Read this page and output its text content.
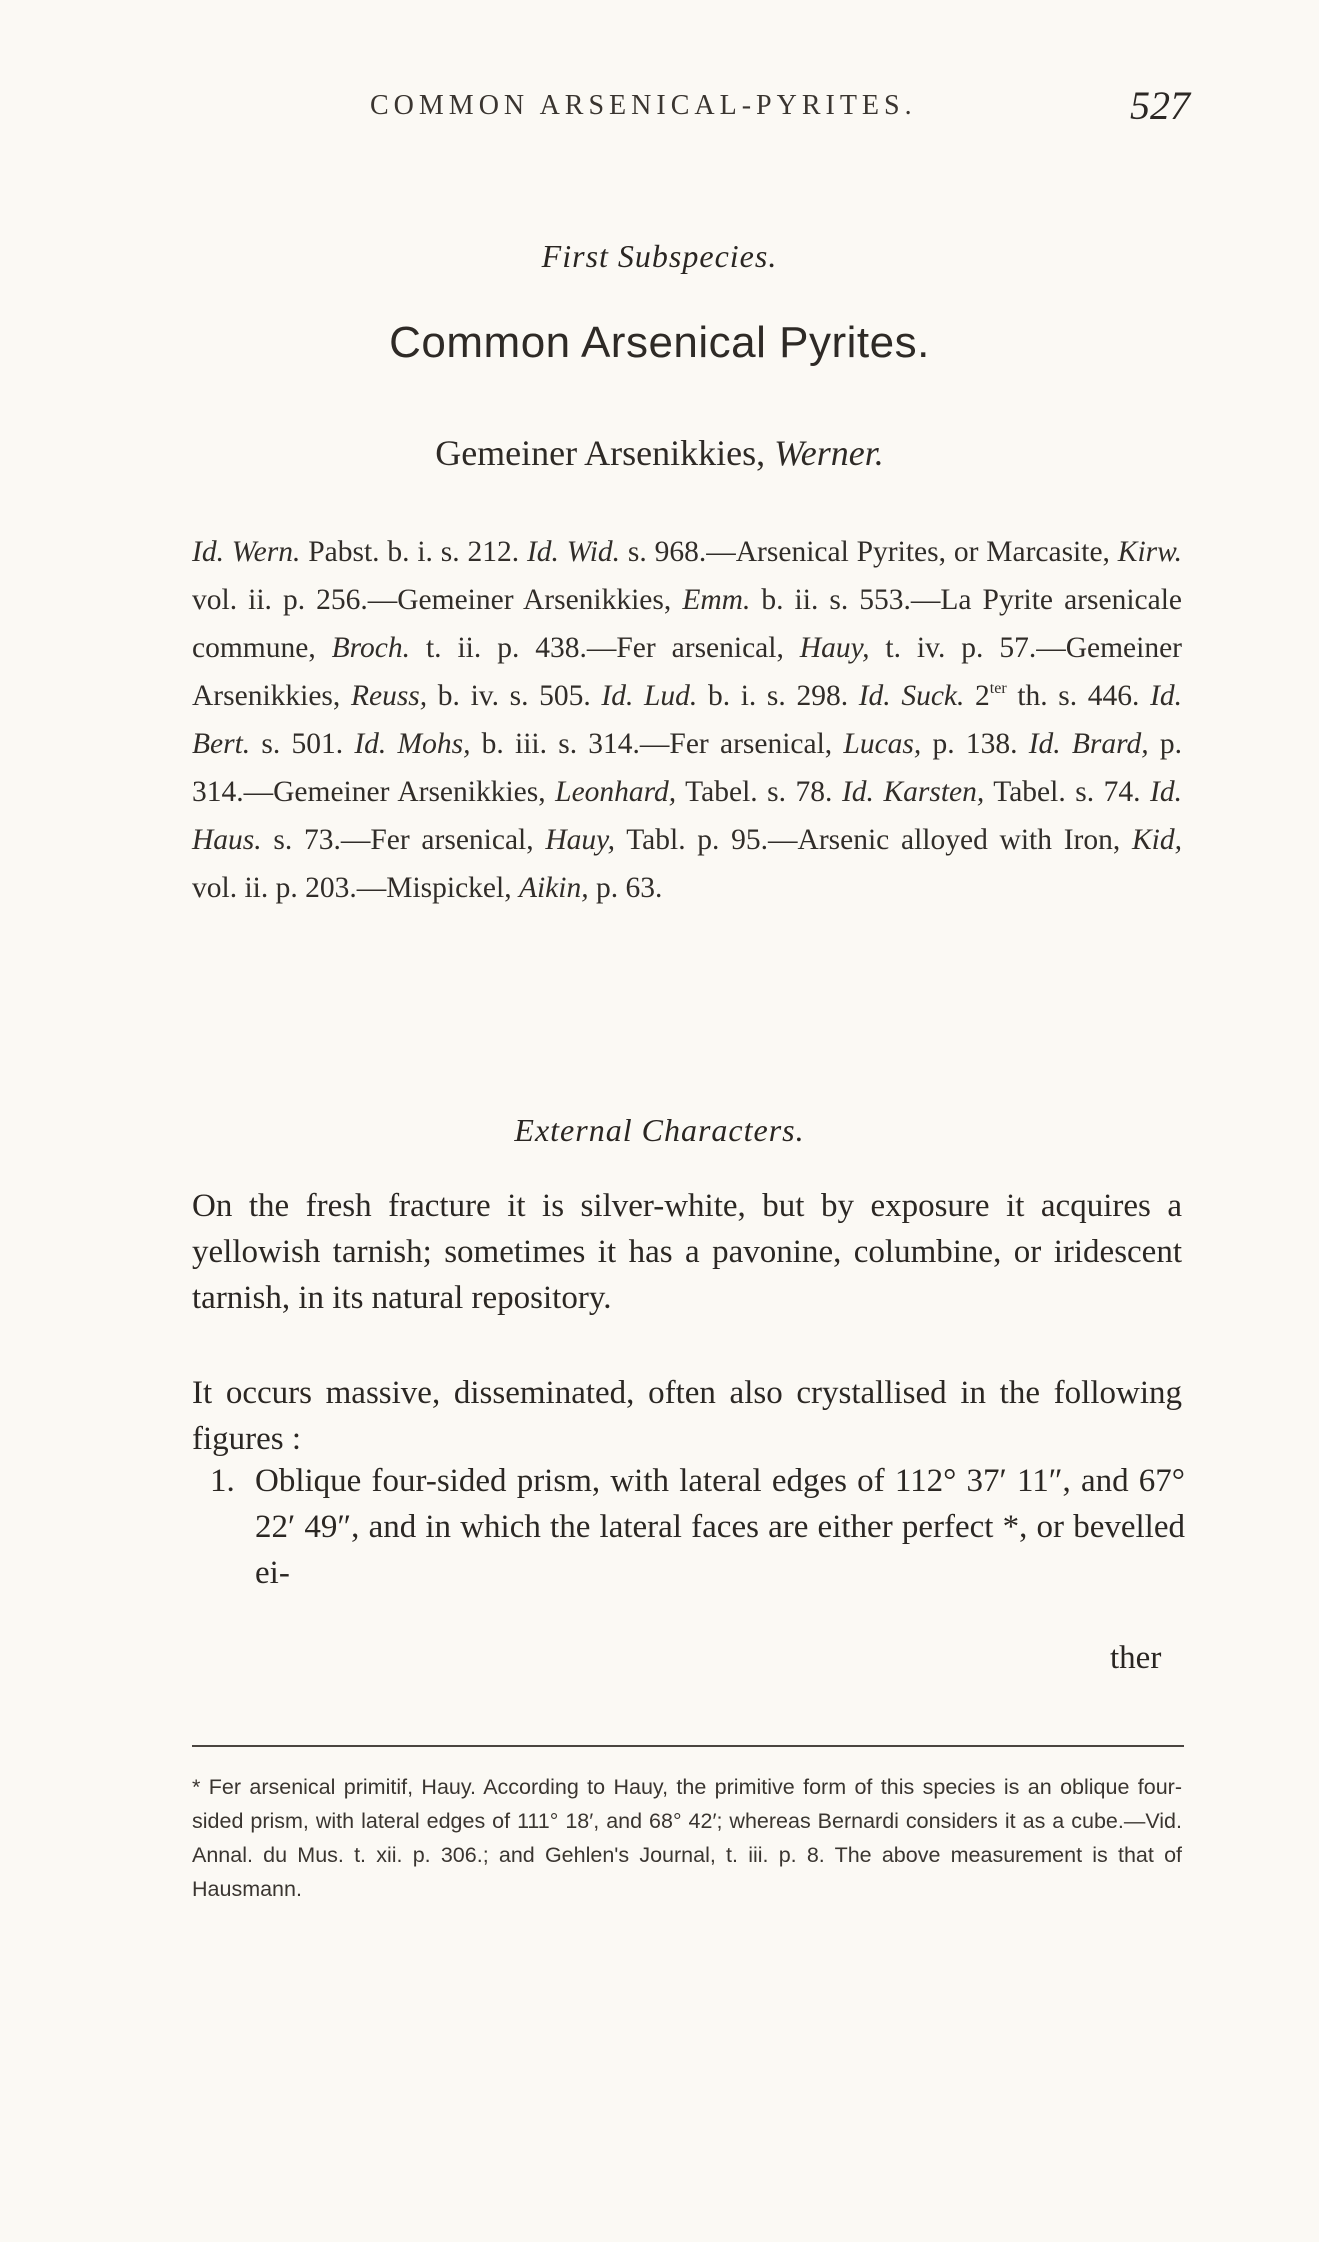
COMMON ARSENICAL-PYRITES.	527
First Subspecies.
Common Arsenical Pyrites.
Gemeiner Arsenikkies, Werner.
Id. Wern. Pabst. b. i. s. 212. Id. Wid. s. 968.—Arsenical Pyrites, or Marcasite, Kirw. vol. ii. p. 256.—Gemeiner Arsenikkies, Emm. b. ii. s. 553.—La Pyrite arsenicale commune, Broch. t. ii. p. 438.—Fer arsenical, Hauy, t. iv. p. 57.—Gemeiner Arsenikkies, Reuss, b. iv. s. 505. Id. Lud. b. i. s. 298. Id. Suck. $2^{ter}$ th. s. 446. Id. Bert. s. 501. Id. Mohs, b. iii. s. 314.—Fer arsenical, Lucas, p. 138. Id. Brard, p. 314.—Gemeiner Arsenikkies, Leonhard, Tabel. s. 78. Id. Karsten, Tabel. s. 74. Id. Haus. s. 73.—Fer arsenical, Hauy, Tabl. p. 95.—Arsenic alloyed with Iron, Kid, vol. ii. p. 203.—Mispickel, Aikin, p. 63.
External Characters.
On the fresh fracture it is silver-white, but by exposure it acquires a yellowish tarnish; sometimes it has a pavonine, columbine, or iridescent tarnish, in its natural repository.
It occurs massive, disseminated, often also crystallised in the following figures :
1. Oblique four-sided prism, with lateral edges of 112° 37′ 11″, and 67° 22′ 49″, and in which the lateral faces are either perfect *, or bevelled ei-
ther
* Fer arsenical primitif, Hauy. According to Hauy, the primitive form of this species is an oblique four-sided prism, with lateral edges of 111° 18′, and 68° 42′; whereas Bernardi considers it as a cube.—Vid. Annal. du Mus. t. xii. p. 306.; and Gehlen's Journal, t. iii. p. 8. The above measurement is that of Hausmann.
